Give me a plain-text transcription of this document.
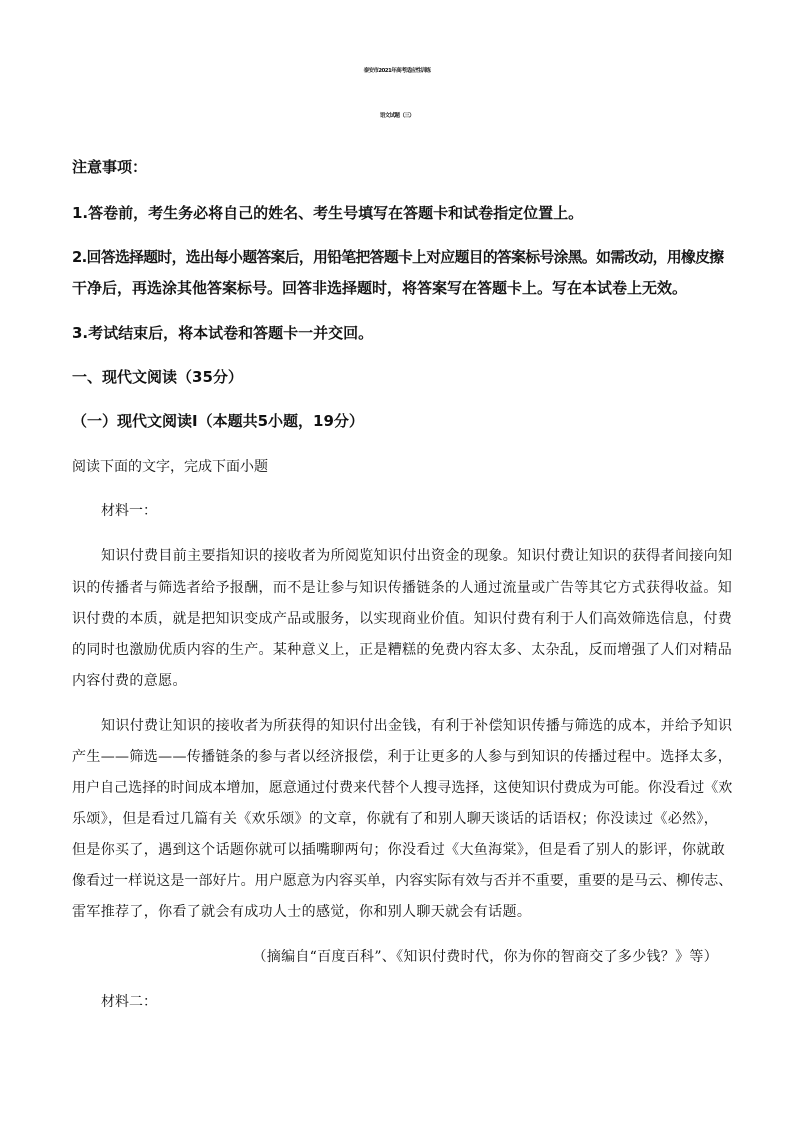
泰安市2021年高考适应性训练
语文试题（三）
注意事项：
1.答卷前，考生务必将自己的姓名、考生号填写在答题卡和试卷指定位置上。
2.回答选择题时，选出每小题答案后，用铅笔把答题卡上对应题目的答案标号涂黑。如需改动，用橡皮擦
干净后，再选涂其他答案标号。回答非选择题时，将答案写在答题卡上。写在本试卷上无效。
3.考试结束后，将本试卷和答题卡一并交回。
一、现代文阅读（35分）
（一）现代文阅读Ⅰ（本题共5小题，19分）
阅读下面的文字，完成下面小题
材料一：
知识付费目前主要指知识的接收者为所阅览知识付出资金的现象。知识付费让知识的获得者间接向知
识的传播者与筛选者给予报酬，而不是让参与知识传播链条的人通过流量或广告等其它方式获得收益。知
识付费的本质，就是把知识变成产品或服务，以实现商业价值。知识付费有利于人们高效筛选信息，付费
的同时也激励优质内容的生产。某种意义上，正是糟糕的免费内容太多、太杂乱，反而增强了人们对精品
内容付费的意愿。
知识付费让知识的接收者为所获得的知识付出金钱，有利于补偿知识传播与筛选的成本，并给予知识
产生——筛选——传播链条的参与者以经济报偿，利于让更多的人参与到知识的传播过程中。选择太多，
用户自己选择的时间成本增加，愿意通过付费来代替个人搜寻选择，这使知识付费成为可能。你没看过《欢
乐颂》，但是看过几篇有关《欢乐颂》的文章，你就有了和别人聊天谈话的话语权；你没读过《必然》，
但是你买了，遇到这个话题你就可以插嘴聊两句；你没看过《大鱼海棠》，但是看了别人的影评，你就敢
像看过一样说这是一部好片。用户愿意为内容买单，内容实际有效与否并不重要，重要的是马云、柳传志、
雷军推荐了，你看了就会有成功人士的感觉，你和别人聊天就会有话题。
（摘编自“百度百科”、《知识付费时代，你为你的智商交了多少钱？》等）
材料二：
